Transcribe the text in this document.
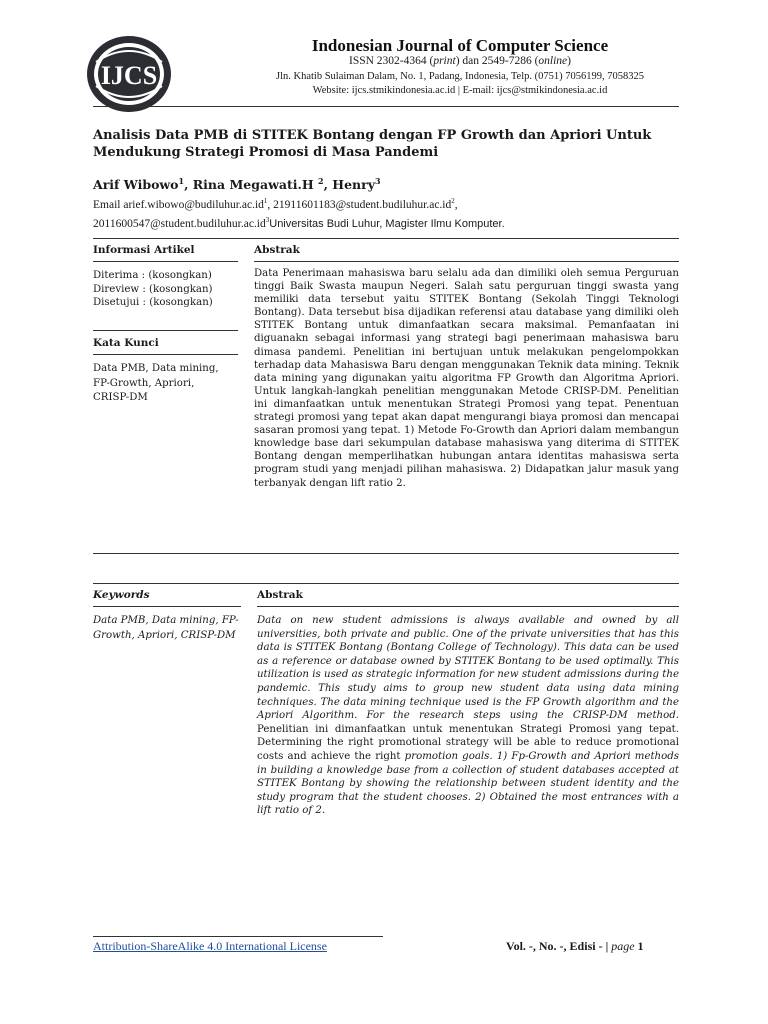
IJCS
Indonesian Journal of Computer Science
ISSN 2302-4364 (print) dan 2549-7286 (online)
Jln. Khatib Sulaiman Dalam, No. 1, Padang, Indonesia, Telp. (0751) 7056199, 7058325
Website: ijcs.stmikindonesia.ac.id | E-mail: ijcs@stmikindonesia.ac.id
Analisis Data PMB di STITEK Bontang dengan FP Growth dan Apriori Untuk
Mendukung Strategi Promosi di Masa Pandemi
Arif Wibowo$^1$, Rina Megawati.H $^2$, Henry$^3$
Email $arief.wibowo@budiluhur.ac.id^1$, $21911601183@student.budiluhur.ac.id^2$,
$2011600547@student.budiluhur.ac.id^3Universitas$ Budi Luhur, Magister Ilmu Komputer.
Informasi Artikel	Abstrak
Diterima : (kosongkan)
Direview : (kosongkan)
Disetujui : (kosongkan)
Kata Kunci
Data PMB, Data mining,
FP-Growth, Apriori,
CRISP-DM
Data Penerimaan mahasiswa baru selalu ada dan dimiliki oleh semua Perguruan tinggi Baik Swasta maupun Negeri. Salah satu perguruan tinggi swasta yang memiliki data tersebut yaitu STITEK Bontang (Sekolah Tinggi Teknologi Bontang). Data tersebut bisa dijadikan referensi atau database yang dimiliki oleh STITEK Bontang untuk dimanfaatkan secara maksimal. Pemanfaatan ini diguanakn sebagai informasi yang strategi bagi penerimaan mahasiswa baru dimasa pandemi. Penelitian ini bertujuan untuk melakukan pengelompokkan terhadap data Mahasiswa Baru dengan menggunakan Teknik data mining. Teknik data mining yang digunakan yaitu algoritma FP Growth dan Algoritma Apriori. Untuk langkah-langkah penelitian menggunakan Metode CRISP-DM. Penelitian ini dimanfaatkan untuk menentukan Strategi Promosi yang tepat. Penentuan strategi promosi yang tepat akan dapat mengurangi biaya promosi dan mencapai sasaran promosi yang tepat. 1) Metode Fo-Growth dan Apriori dalam membangun knowledge base dari sekumpulan database mahasiswa yang diterima di STITEK Bontang dengan memperlihatkan hubungan antara identitas mahasiswa serta program studi yang menjadi pilihan mahasiswa. 2) Didapatkan jalur masuk yang terbanyak dengan lift ratio 2.
Keywords	Abstrak
Data PMB, Data mining, FP-
Growth, Apriori, CRISP-DM
Data on new student admissions is always available and owned by all universities, both private and public. One of the private universities that has this data is STITEK Bontang (Bontang College of Technology). This data can be used as a reference or database owned by STITEK Bontang to be used optimally. This utilization is used as strategic information for new student admissions during the pandemic. This study aims to group new student data using data mining techniques. The data mining technique used is the FP Growth algorithm and the Apriori Algorithm. For the research steps using the CRISP-DM method. Penelitian ini dimanfaatkan untuk menentukan Strategi Promosi yang tepat. Determining the right promotional strategy will be able to reduce promotional costs and achieve the right promotion goals. 1) Fp-Growth and Apriori methods in building a knowledge base from a collection of student databases accepted at STITEK Bontang by showing the relationship between student identity and the study program that the student chooses. 2) Obtained the most entrances with a lift ratio of 2.
Attribution-ShareAlike 4.0 International License	Vol. -, No. -, Edisi - | page 1
